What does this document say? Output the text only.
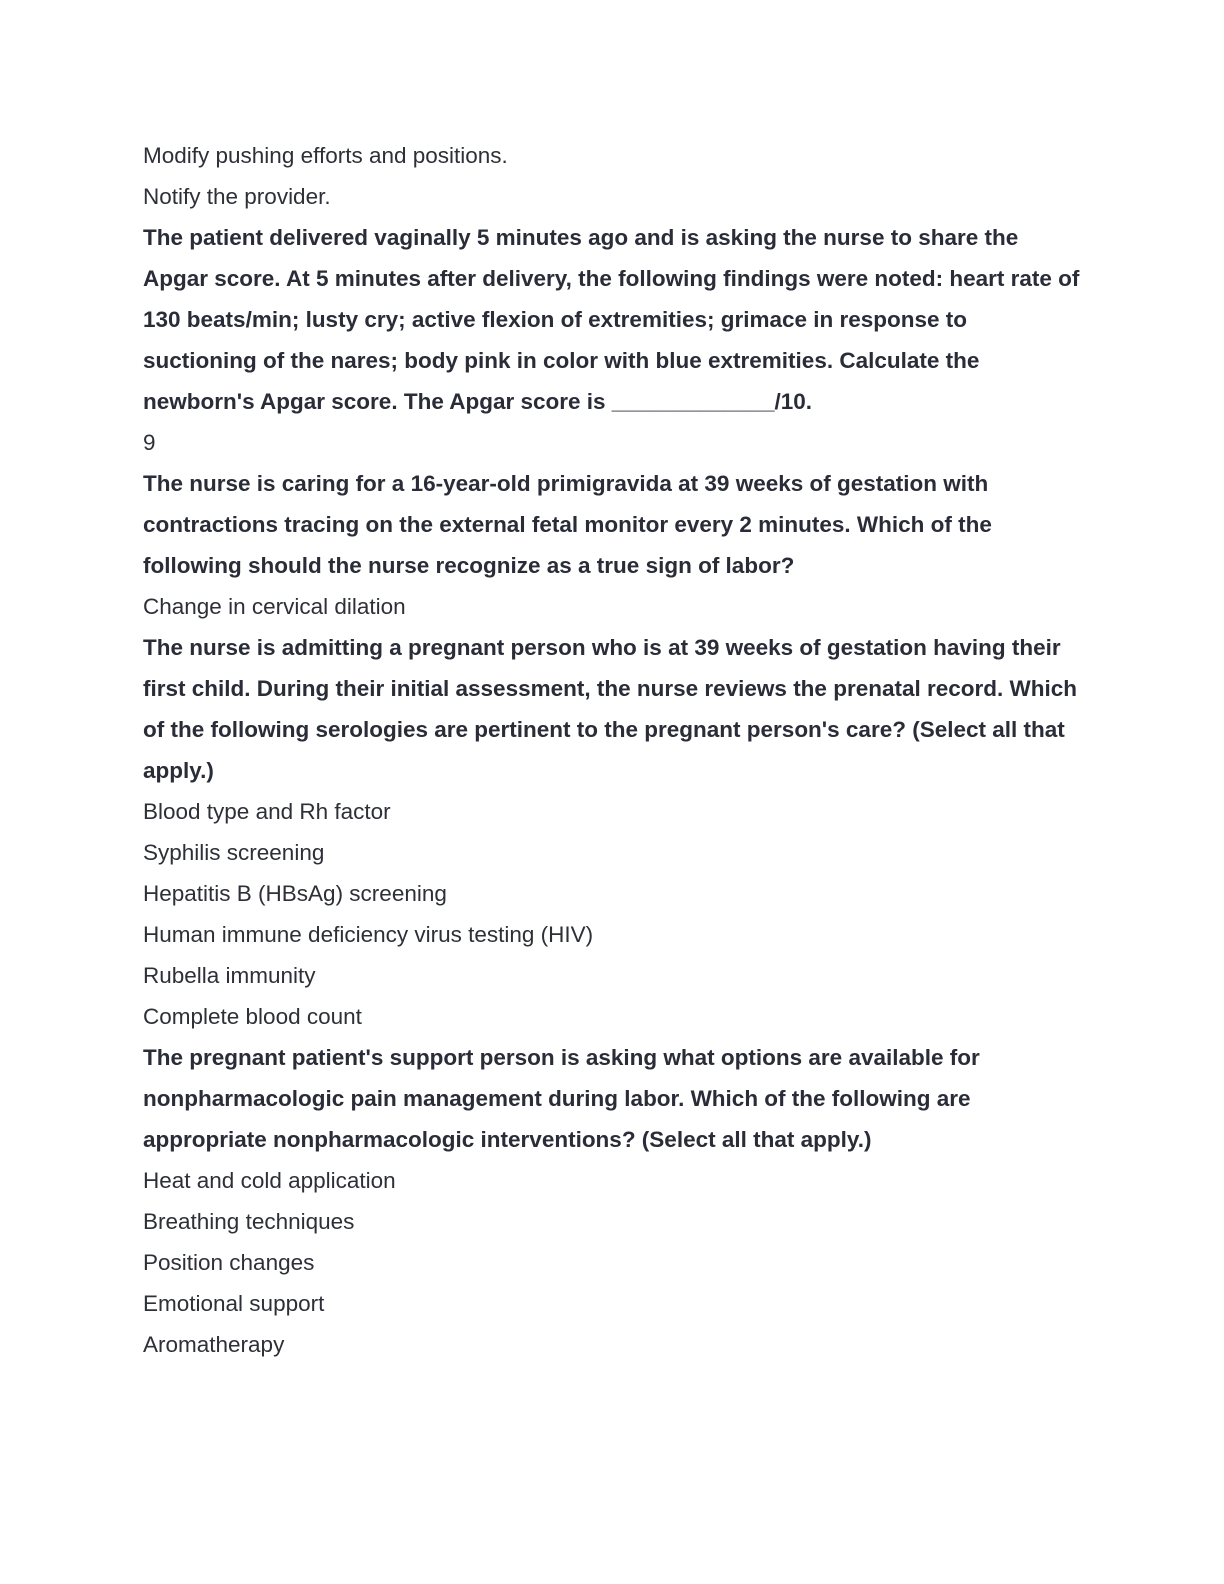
Modify pushing efforts and positions.

Notify the provider.

The patient delivered vaginally 5 minutes ago and is asking the nurse to share the Apgar score. At 5 minutes after delivery, the following findings were noted: heart rate of 130 beats/min; lusty cry; active flexion of extremities; grimace in response to suctioning of the nares; body pink in color with blue extremities. Calculate the newborn's Apgar score. The Apgar score is _____________/10.

9

The nurse is caring for a 16-year-old primigravida at 39 weeks of gestation with contractions tracing on the external fetal monitor every 2 minutes. Which of the following should the nurse recognize as a true sign of labor?

Change in cervical dilation

The nurse is admitting a pregnant person who is at 39 weeks of gestation having their first child. During their initial assessment, the nurse reviews the prenatal record. Which of the following serologies are pertinent to the pregnant person's care? (Select all that apply.)

Blood type and Rh factor

Syphilis screening

Hepatitis B (HBsAg) screening

Human immune deficiency virus testing (HIV)

Rubella immunity

Complete blood count

The pregnant patient's support person is asking what options are available for nonpharmacologic pain management during labor. Which of the following are appropriate nonpharmacologic interventions? (Select all that apply.)

Heat and cold application

Breathing techniques

Position changes

Emotional support

Aromatherapy
